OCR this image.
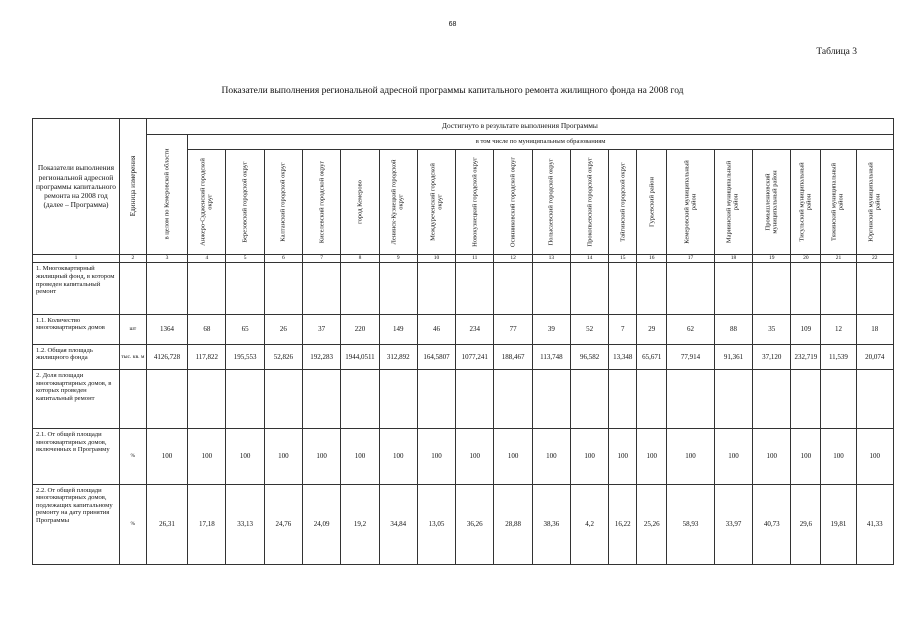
68
Таблица 3
Показатели выполнения региональной адресной программы капитального ремонта жилищного фонда на 2008 год
Показатели выполнения региональной адресной программы капитального ремонта на 2008 год (далее – Программа)	Единица измерения	Достигнуто в результате выполнения Программы																			

		в целом по Кемеровской области	в том числе по муниципальным образованиям																		

			Анжеро-Судженский городской округ	Березовский городской округ	Калтанский городской округ	Киселевский городской округ	город Кемерово	Ленинск-Кузнецкий городской округ	Междуреченский городской округ	Новокузнецкий городской округ	Осинниковский городской округ	Полысаевский городской округ	Прокопьевский городской округ	Тайгинский городской округ	Гурьевский район	Кемеровский муниципальный район	Мариинский муниципальный район	Промышленновский муниципальный район	Тисульский муниципальный район	Тяжинский муниципальный район	Юргинский муниципальный район

1	2	3	4	5	6	7	8	9	10	11	12	13	14	15	16	17	18	19	20	21	22
1. Многоквартирный жилищный фонд, в котором проведен капитальный ремонт																					
1.1. Количество многоквартирных домов	шт	1364	68	65	26	37	220	149	46	234	77	39	52	7	29	62	88	35	109	12	18
1.2. Общая площадь жилищного фонда	тыс. кв. м	4126,728	117,822	195,553	52,826	192,283	1944,0511	312,892	164,5807	1077,241	188,467	113,748	96,582	13,348	65,671	77,914	91,361	37,120	232,719	11,539	20,074
2. Доля площади многоквартирных домов, в которых проведен капитальный ремонт																					
2.1. От общей площади многоквартирных домов, включенных в Программу	%	100	100	100	100	100	100	100	100	100	100	100	100	100	100	100	100	100	100	100	100
2.2. От общей площади многоквартирных домов, подлежащих капитальному ремонту на дату принятия Программы	%	26,31	17,18	33,13	24,76	24,09	19,2	34,84	13,05	36,26	28,88	38,36	4,2	16,22	25,26	58,93	33,97	40,73	29,6	19,81	41,33
